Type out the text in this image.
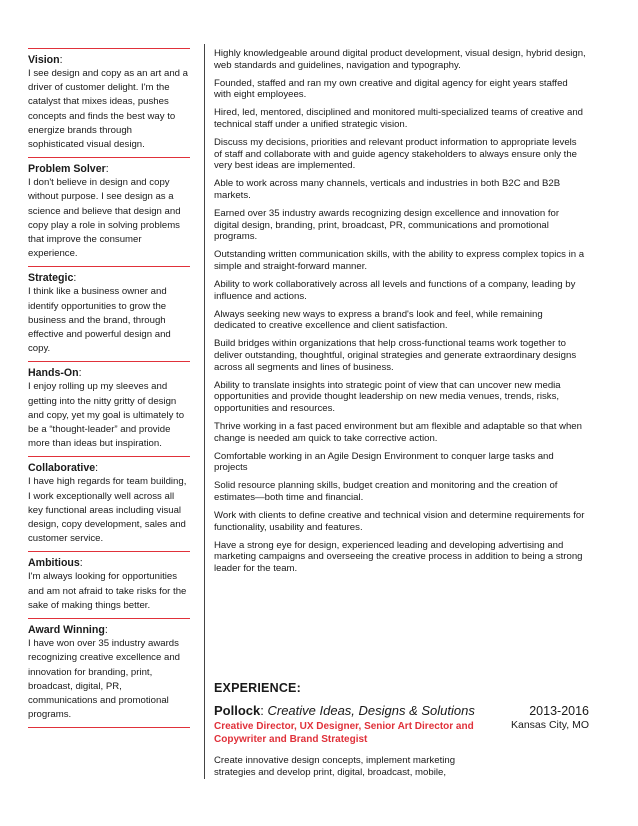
Vision:
I see design and copy as an art and a driver of customer delight. I'm the catalyst that mixes ideas, pushes concepts and finds the best way to energize brands through sophisticated visual design.
Problem Solver:
I don't believe in design and copy without purpose. I see design as a science and believe that design and copy play a role in solving problems that improve the consumer experience.
Strategic:
I think like a business owner and identify opportunities to grow the business and the brand, through effective and powerful design and copy.
Hands-On:
I enjoy rolling up my sleeves and getting into the nitty gritty of design and copy, yet my goal is ultimately to be a “thought-leader” and provide more than ideas but inspiration.
Collaborative:
I have high regards for team building, I work exceptionally well across all key functional areas including visual design, copy development, sales and customer service.
Ambitious:
I'm always looking for opportunities and am not afraid to take risks for the sake of making things better.
Award Winning:
I have won over 35 industry awards recognizing creative excellence and innovation for branding, print, broadcast, digital, PR, communications and promotional programs.

Highly knowledgeable around digital product development, visual design, hybrid design, web standards and guidelines, navigation and typography.

Founded, staffed and ran my own creative and digital agency for eight years staffed with eight employees.

Hired, led, mentored, disciplined and monitored multi-specialized teams of creative and technical staff under a unified strategic vision.

Discuss my decisions, priorities and relevant product information to appropriate levels of staff and collaborate with and guide agency stakeholders to always ensure only the very best ideas are implemented.

Able to work across many channels, verticals and industries in both B2C and B2B markets.

Earned over 35 industry awards recognizing design excellence and innovation for digital design, branding, print, broadcast, PR, communications and promotional programs.

Outstanding written communication skills, with the ability to express complex topics in a simple and straight-forward manner.

Ability to work collaboratively across all levels and functions of a company, leading by influence and actions.

Always seeking new ways to express a brand's look and feel, while remaining dedicated to creative excellence and client satisfaction.

Build bridges within organizations that help cross-functional teams work together to deliver outstanding, thoughtful, original strategies and generate extraordinary designs across all segments and lines of business.

Ability to translate insights into strategic point of view that can uncover new media opportunities and provide thought leadership on new media venues, trends, risks, opportunities and resources.

Thrive working in a fast paced environment but am flexible and adaptable so that when change is needed am quick to take corrective action.

Comfortable working in an Agile Design Environment to conquer large tasks and projects

Solid resource planning skills, budget creation and monitoring and the creation of estimates—both time and financial.

Work with clients to define creative and technical vision and determine requirements for functionality, usability and features.

Have a strong eye for design, experienced leading and developing advertising and marketing campaigns and overseeing the creative process in addition to being a strong leader for the team.

EXPERIENCE:
Pollock: Creative Ideas, Designs & Solutions	2013-2016
Kansas City, MO
Creative Director, UX Designer, Senior Art Director and Copywriter and Brand Strategist
Create innovative design concepts, implement marketing strategies and develop print, digital, broadcast, mobile,
